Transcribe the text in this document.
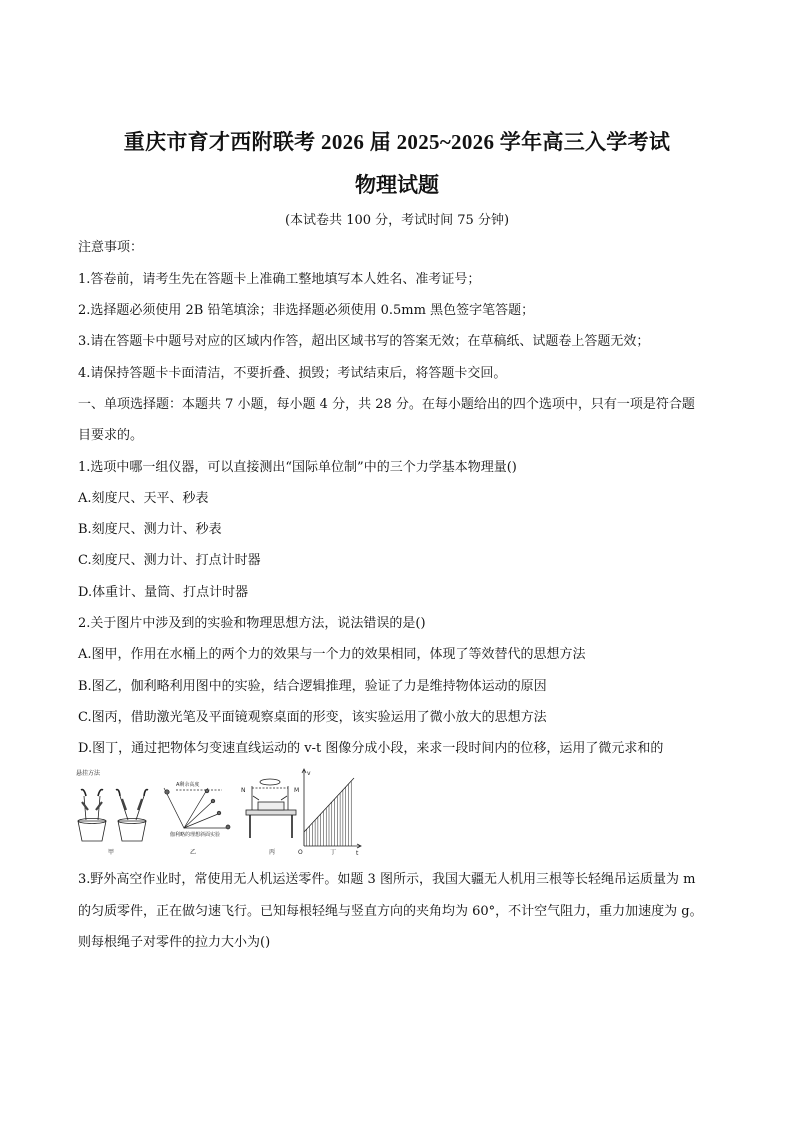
重庆市育才西附联考 2026 届 2025~2026 学年高三入学考试
物理试题
(本试卷共 100 分，考试时间 75 分钟)
注意事项：
1.答卷前，请考生先在答题卡上准确工整地填写本人姓名、准考证号；
2.选择题必须使用 2B 铅笔填涂；非选择题必须使用 0.5mm 黑色签字笔答题；
3.请在答题卡中题号对应的区域内作答，超出区域书写的答案无效；在草稿纸、试题卷上答题无效；
4.请保持答题卡卡面清洁，不要折叠、损毁；考试结束后，将答题卡交回。
一、单项选择题：本题共 7 小题，每小题 4 分，共 28 分。在每小题给出的四个选项中，只有一项是符合题
目要求的。
1.选项中哪一组仪器，可以直接测出“国际单位制”中的三个力学基本物理量()
A.刻度尺、天平、秒表
B.刻度尺、测力计、秒表
C.刻度尺、测力计、打点计时器
D.体重计、量筒、打点计时器
2.关于图片中涉及到的实验和物理思想方法，说法错误的是()
A.图甲，作用在水桶上的两个力的效果与一个力的效果相同，体现了等效替代的思想方法
B.图乙，伽利略利用图中的实验，结合逻辑推理，验证了力是维持物体运动的原因
C.图丙，借助激光笔及平面镜观察桌面的形变，该实验运用了微小放大的思想方法
D.图丁，通过把物体匀变速直线运动的 v-t 图像分成小段，来求一段时间内的位移，运用了微元求和的
悬挂方法
甲
A剩余高度
伽利略的理想斜面实验
乙
N	M
丙
v
t
O	丁
3.野外高空作业时，常使用无人机运送零件。如题 3 图所示，我国大疆无人机用三根等长轻绳吊运质量为 m
的匀质零件，正在做匀速飞行。已知每根轻绳与竖直方向的夹角均为 60°，不计空气阻力，重力加速度为 g。
则每根绳子对零件的拉力大小为()
